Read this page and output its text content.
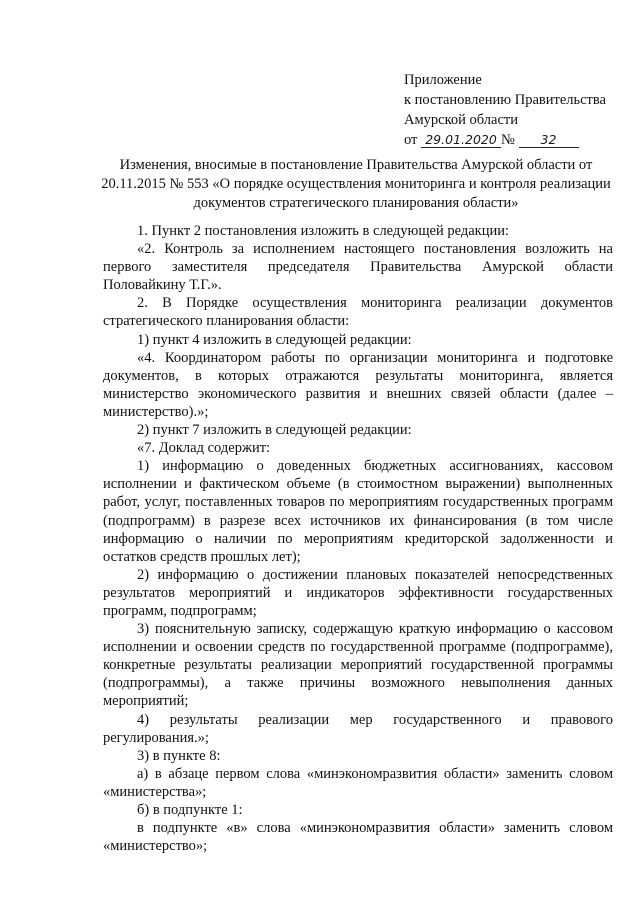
Приложение
к постановлению Правительства
Амурской области
от 29.01.2020 № 32
Изменения, вносимые в постановление Правительства Амурской области от 20.11.2015 № 553 «О порядке осуществления мониторинга и контроля реализации документов стратегического планирования области»

1. Пункт 2 постановления изложить в следующей редакции:

«2. Контроль за исполнением настоящего постановления возложить на первого заместителя председателя Правительства Амурской области Половайкину Т.Г.».

2. В Порядке осуществления мониторинга реализации документов стратегического планирования области:

1) пункт 4 изложить в следующей редакции:

«4. Координатором работы по организации мониторинга и подготовке документов, в которых отражаются результаты мониторинга, является министерство экономического развития и внешних связей области (далее – министерство).»;

2) пункт 7 изложить в следующей редакции:

«7. Доклад содержит:

1) информацию о доведенных бюджетных ассигнованиях, кассовом исполнении и фактическом объеме (в стоимостном выражении) выполненных работ, услуг, поставленных товаров по мероприятиям государственных программ (подпрограмм) в разрезе всех источников их финансирования (в том числе информацию о наличии по мероприятиям кредиторской задолженности и остатков средств прошлых лет);

2) информацию о достижении плановых показателей непосредственных результатов мероприятий и индикаторов эффективности государственных программ, подпрограмм;

3) пояснительную записку, содержащую краткую информацию о кассовом исполнении и освоении средств по государственной программе (подпрограмме), конкретные результаты реализации мероприятий государственной программы (подпрограммы), а также причины возможного невыполнения данных мероприятий;

4) результаты реализации мер государственного и правового регулирования.»;

3) в пункте 8:

а) в абзаце первом слова «минэкономразвития области» заменить словом «министерства»;

б) в подпункте 1:

в подпункте «в» слова «минэкономразвития области» заменить словом «министерство»;
